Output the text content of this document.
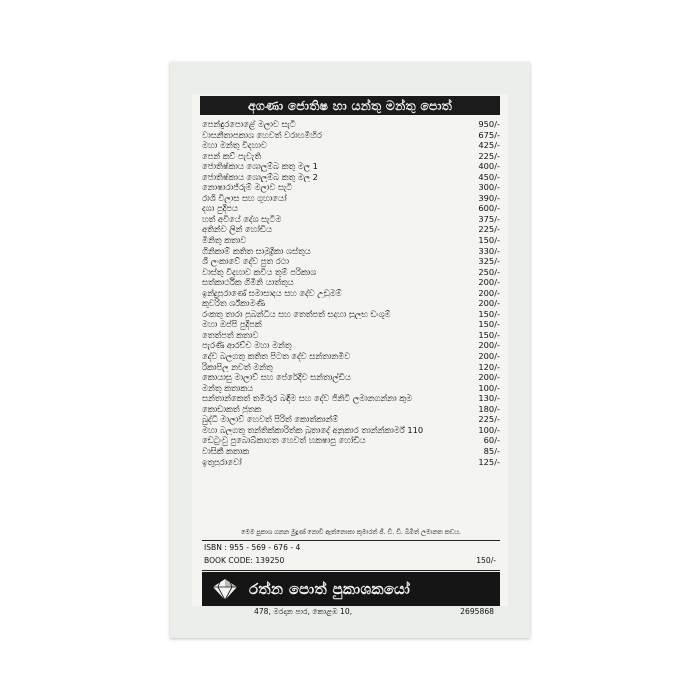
අගණා ජොතිෂ හා යන්තු මන්තු පොත්
පෙන්ඳුරපොළේ මලාව සැටි	950/-
වාසනීතාපකාශ හෙවත් වරාහමිහිර	675/-
මහා මන්තු විදහාව	425/-
පෙන් කව් පැවැති	225/-
ජොතිෂ්කාය ශොලුම්බ කතු මල 1	400/-
ජොතිෂ්කාය ශොලුම්බ කතු මල 2	450/-
නොෂාරාජ්රුම් මලාව සැටි	300/-
රාශි විලාස සහ ගුහායෝ	390/-
දශා පුදීපය	600/-
හත් අවියේ දේශ සැටීම	375/-
අතින්ව ලින් හෝඩිය	225/-
මිනිතු කතාව	150/-
ගිනිකාම් කතිත සාමුද්‍රිකා ශස්තුය	330/-
ශී ලංකාවේ දේව පුත රථා	325/-
වාස්තු විදහාව කවිය තුම් පරිකාශ	250/-
සත්කාර්ථික ගිමිනි යාත්තුය	200/-
ඉන්දුපුරාණේ සමාසාදය සහ දේව උඩුමම්	200/-
කුවරිත ර්ශ්කාමණි	200/-
රංකතු තාරා පුබන්ධිය සහ තෙත්පත් සදහා සුලභ ඩංශුම්	150/-
මහා ඔප්පි පුදීපක්	150/-
තෙත්පත් කතාව	150/-
පැරණි ආරච්ච මහා මන්තු	200/-
දේව බලගතු කතිත පිටත දේව සන්තානමිව	200/-
රිකාපිල නවත් මන්තු	120/-
කොයාසු මාලාව් සහ පේරේදීව සන්තාල්ඩිය	200/-
මන්තු කතාකය	100/-
සන්තාන්කෙත් තමිරුර බඳීම සහ දේව ජිනිටි ලමානගන්නා කුම	130/-
කොඩාකත් ජුතක	180/-
බුද්ධි මාලාව් හෙවත් පිරිත් කොත්කාන්ම්	225/-
මහා බලගතු තන්තික්කාරිත්ක බුතාදේ අනුකාර තාන්න්කාර්ම් 110	100/-
ඩෙටුංවු පුබොබ්කාගත හෙවත් හකෂාපු හෝඩිය	60/-
වාසිකී කතාක	85/-
ඉතුපුරාවෝ	125/-
මෙම පුකාශ ගනන මුදුණ් නොවී ඇත්නොකා කුමාරත් ජී. ඩී. ඩී. බිමිත් ලමානත කඩය.
ISBN : 955 - 569 - 676 - 4
BOOK CODE: 139250	150/-
රත්න පොත් පුකාශකයෝ
478, මරදාන පාර, කොළඹ 10,	2695868
